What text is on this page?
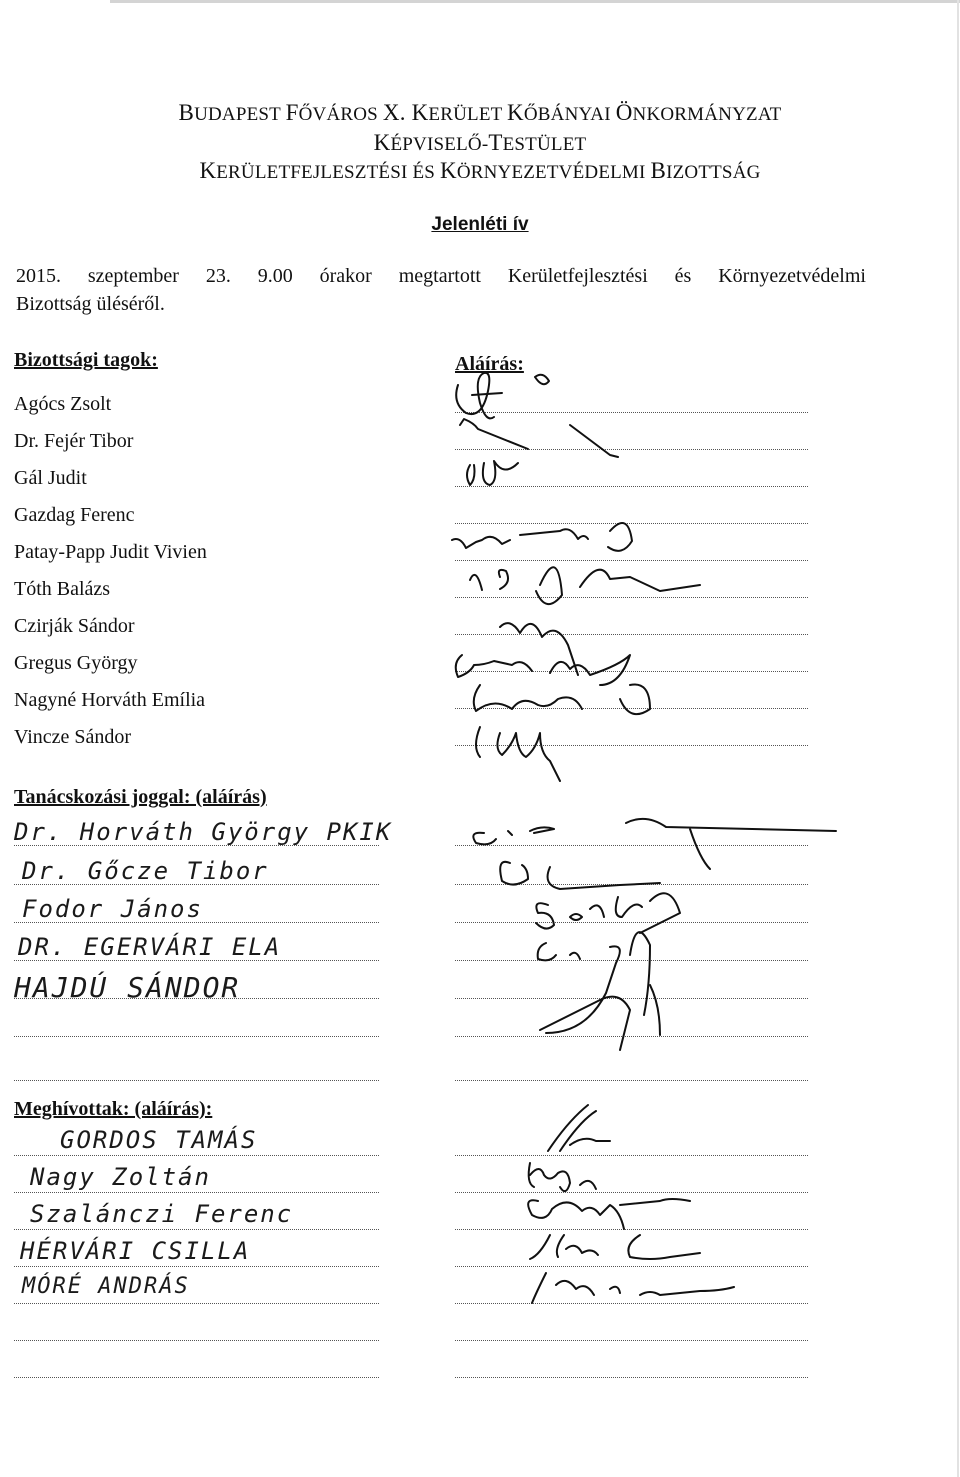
BUDAPEST FŐVÁROS X. KERÜLET KŐBÁNYAI ÖNKORMÁNYZAT
KÉPVISELŐ-TESTÜLET
KERÜLETFEJLESZTÉSI ÉS KÖRNYEZETVÉDELMI BIZOTTSÁG
Jelenléti ív
2015. szeptember 23. 9.00 órakor megtartott Kerületfejlesztési és Környezetvédelmi
Bizottság üléséről.
Bizottsági tagok:	Aláírás:
Agócs Zsolt
Dr. Fejér Tibor
Gál Judit
Gazdag Ferenc
Patay-Papp Judit Vivien
Tóth Balázs
Czirják Sándor
Gregus György
Nagyné Horváth Emília
Vincze Sándor
Tanácskozási joggal: (aláírás)
Dr. Horváth György PKIK
Dr. Gőcze Tibor
Fodor János
DR. EGERVÁRI ELA
HAJDÚ SÁNDOR
Meghívottak: (aláírás):
GORDOS TAMÁS
Nagy Zoltán
Szalánczi Ferenc
HÉRVÁRI CSILLA
MÓRÉ ANDRÁS
